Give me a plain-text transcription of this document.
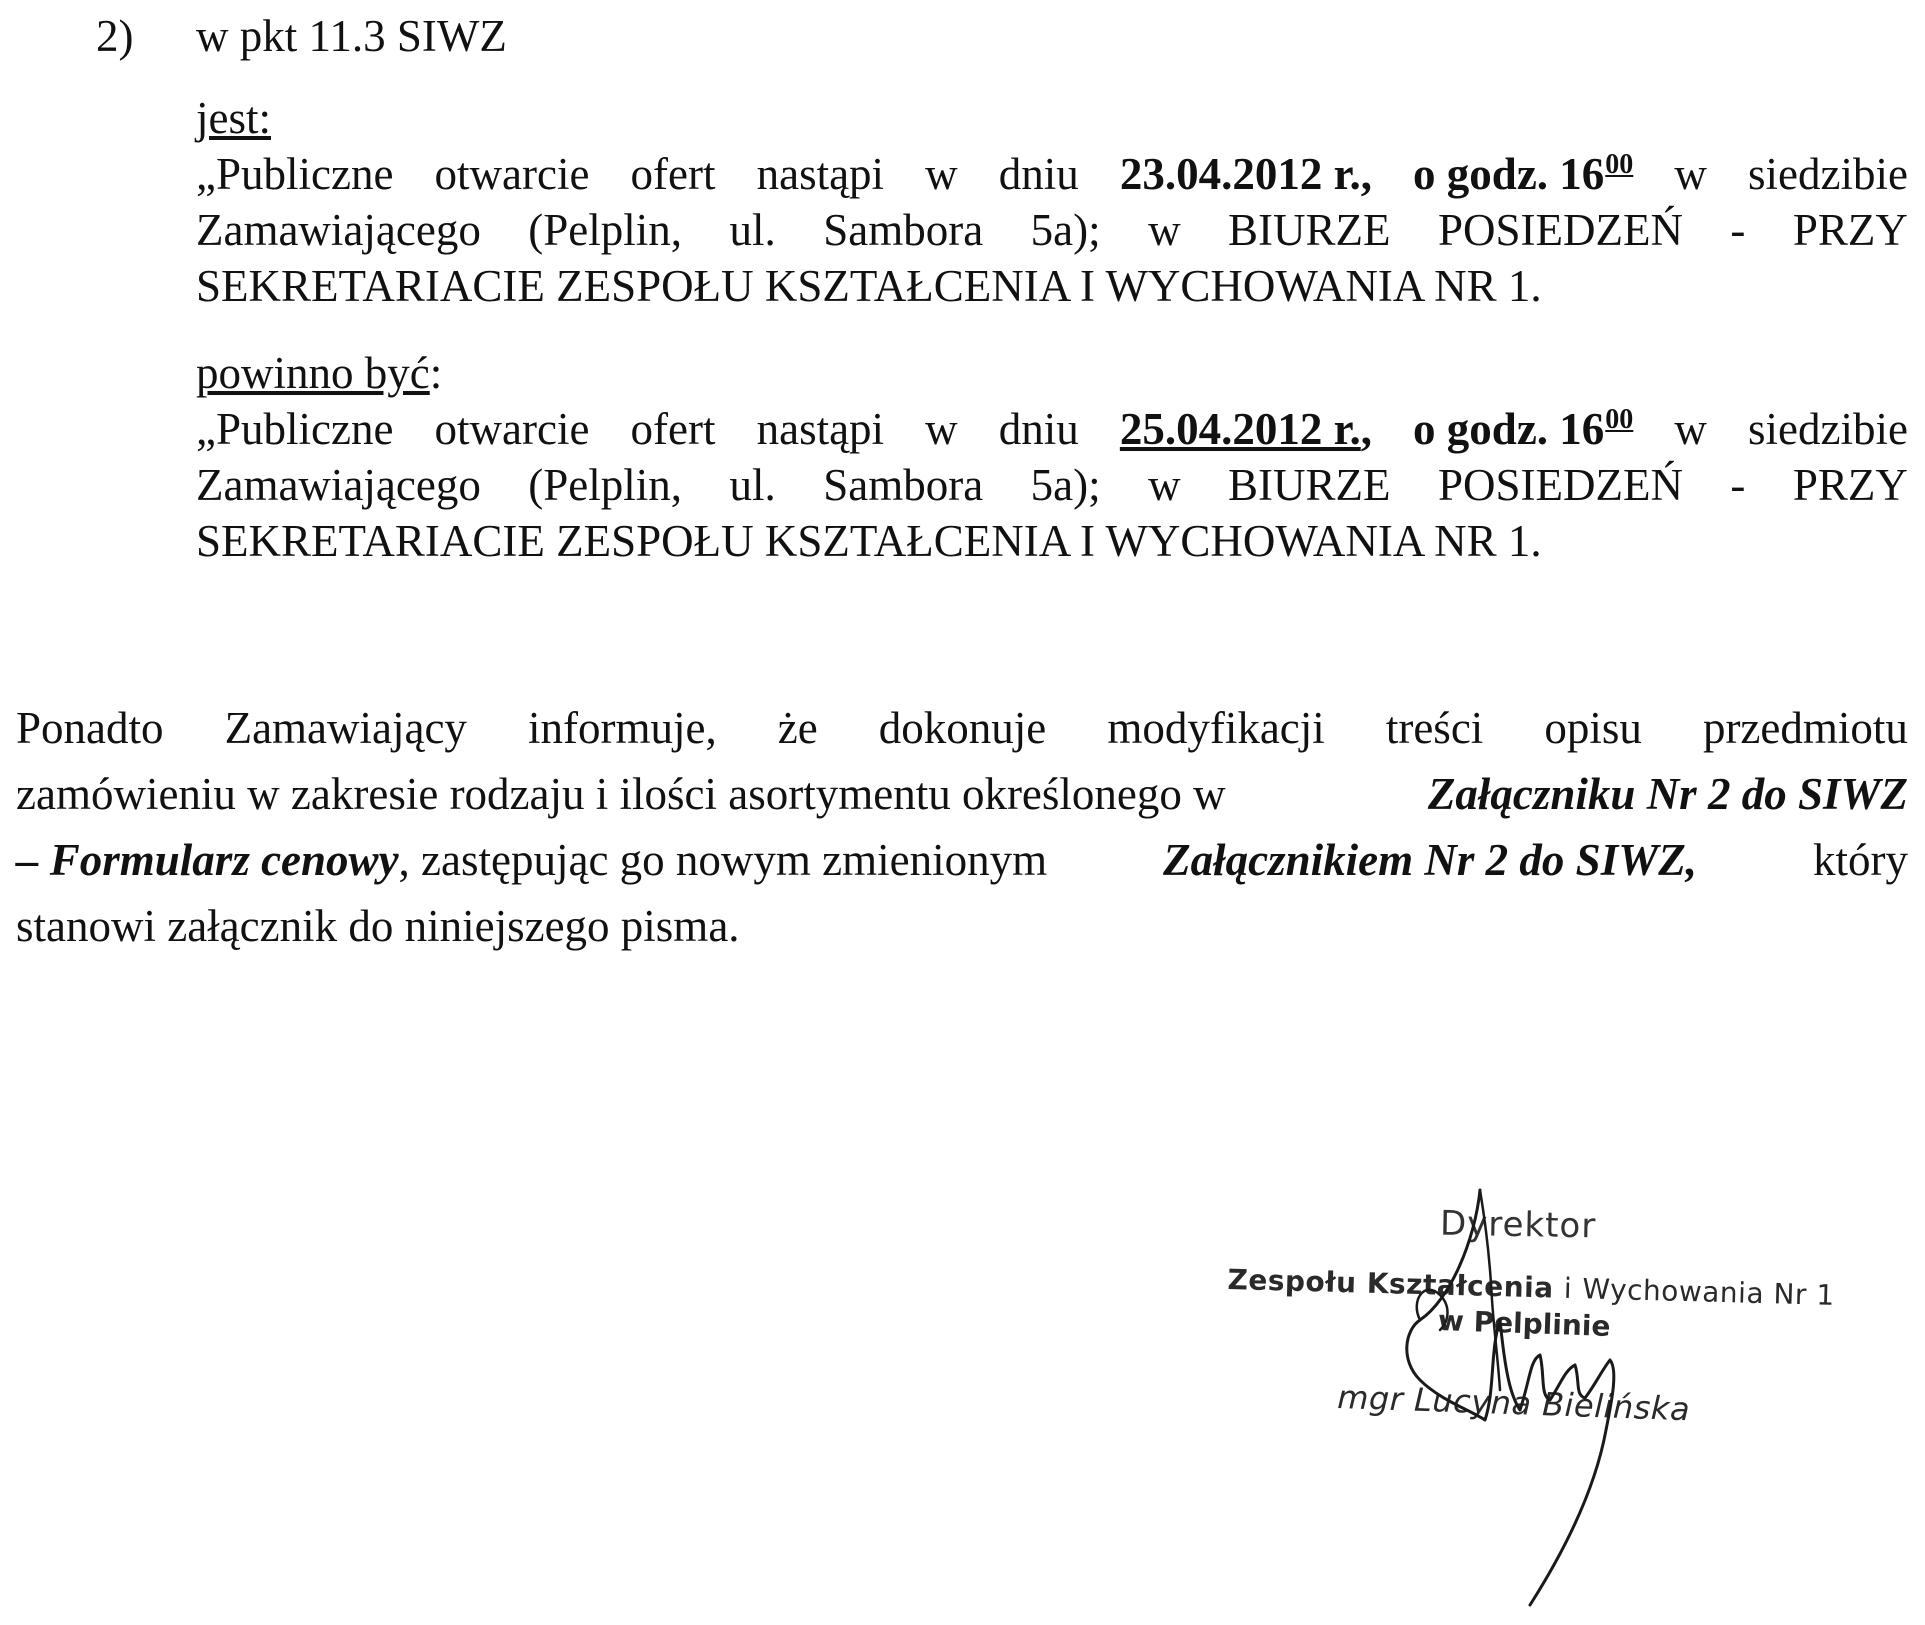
2) w pkt 11.3 SIWZ
jest:
„Publiczne otwarcie ofert nastąpi w dniu 23.04.2012 r., o godz. $16^{00}$ w siedzibie
Zamawiającego (Pelplin, ul. Sambora 5a); w BIURZE POSIEDZEŃ - PRZY
SEKRETARIACIE ZESPOŁU KSZTAŁCENIA I WYCHOWANIA NR 1.
powinno być:
„Publiczne otwarcie ofert nastąpi w dniu 25.04.2012 r., o godz. $16^{00}$ w siedzibie
Zamawiającego (Pelplin, ul. Sambora 5a); w BIURZE POSIEDZEŃ - PRZY
SEKRETARIACIE ZESPOŁU KSZTAŁCENIA I WYCHOWANIA NR 1.
Ponadto Zamawiający informuje, że dokonuje modyfikacji treści opisu przedmiotu
zamówieniu w zakresie rodzaju i ilości asortymentu określonego w	Załączniku Nr 2 do SIWZ
– Formularz cenowy, zastępując go nowym zmienionym	Załącznikiem Nr 2 do SIWZ,	który
stanowi załącznik do niniejszego pisma.
Dyrektor
Zespołu Kształcenia i Wychowania Nr 1
w Pelplinie
mgr Lucyna Bielińska
